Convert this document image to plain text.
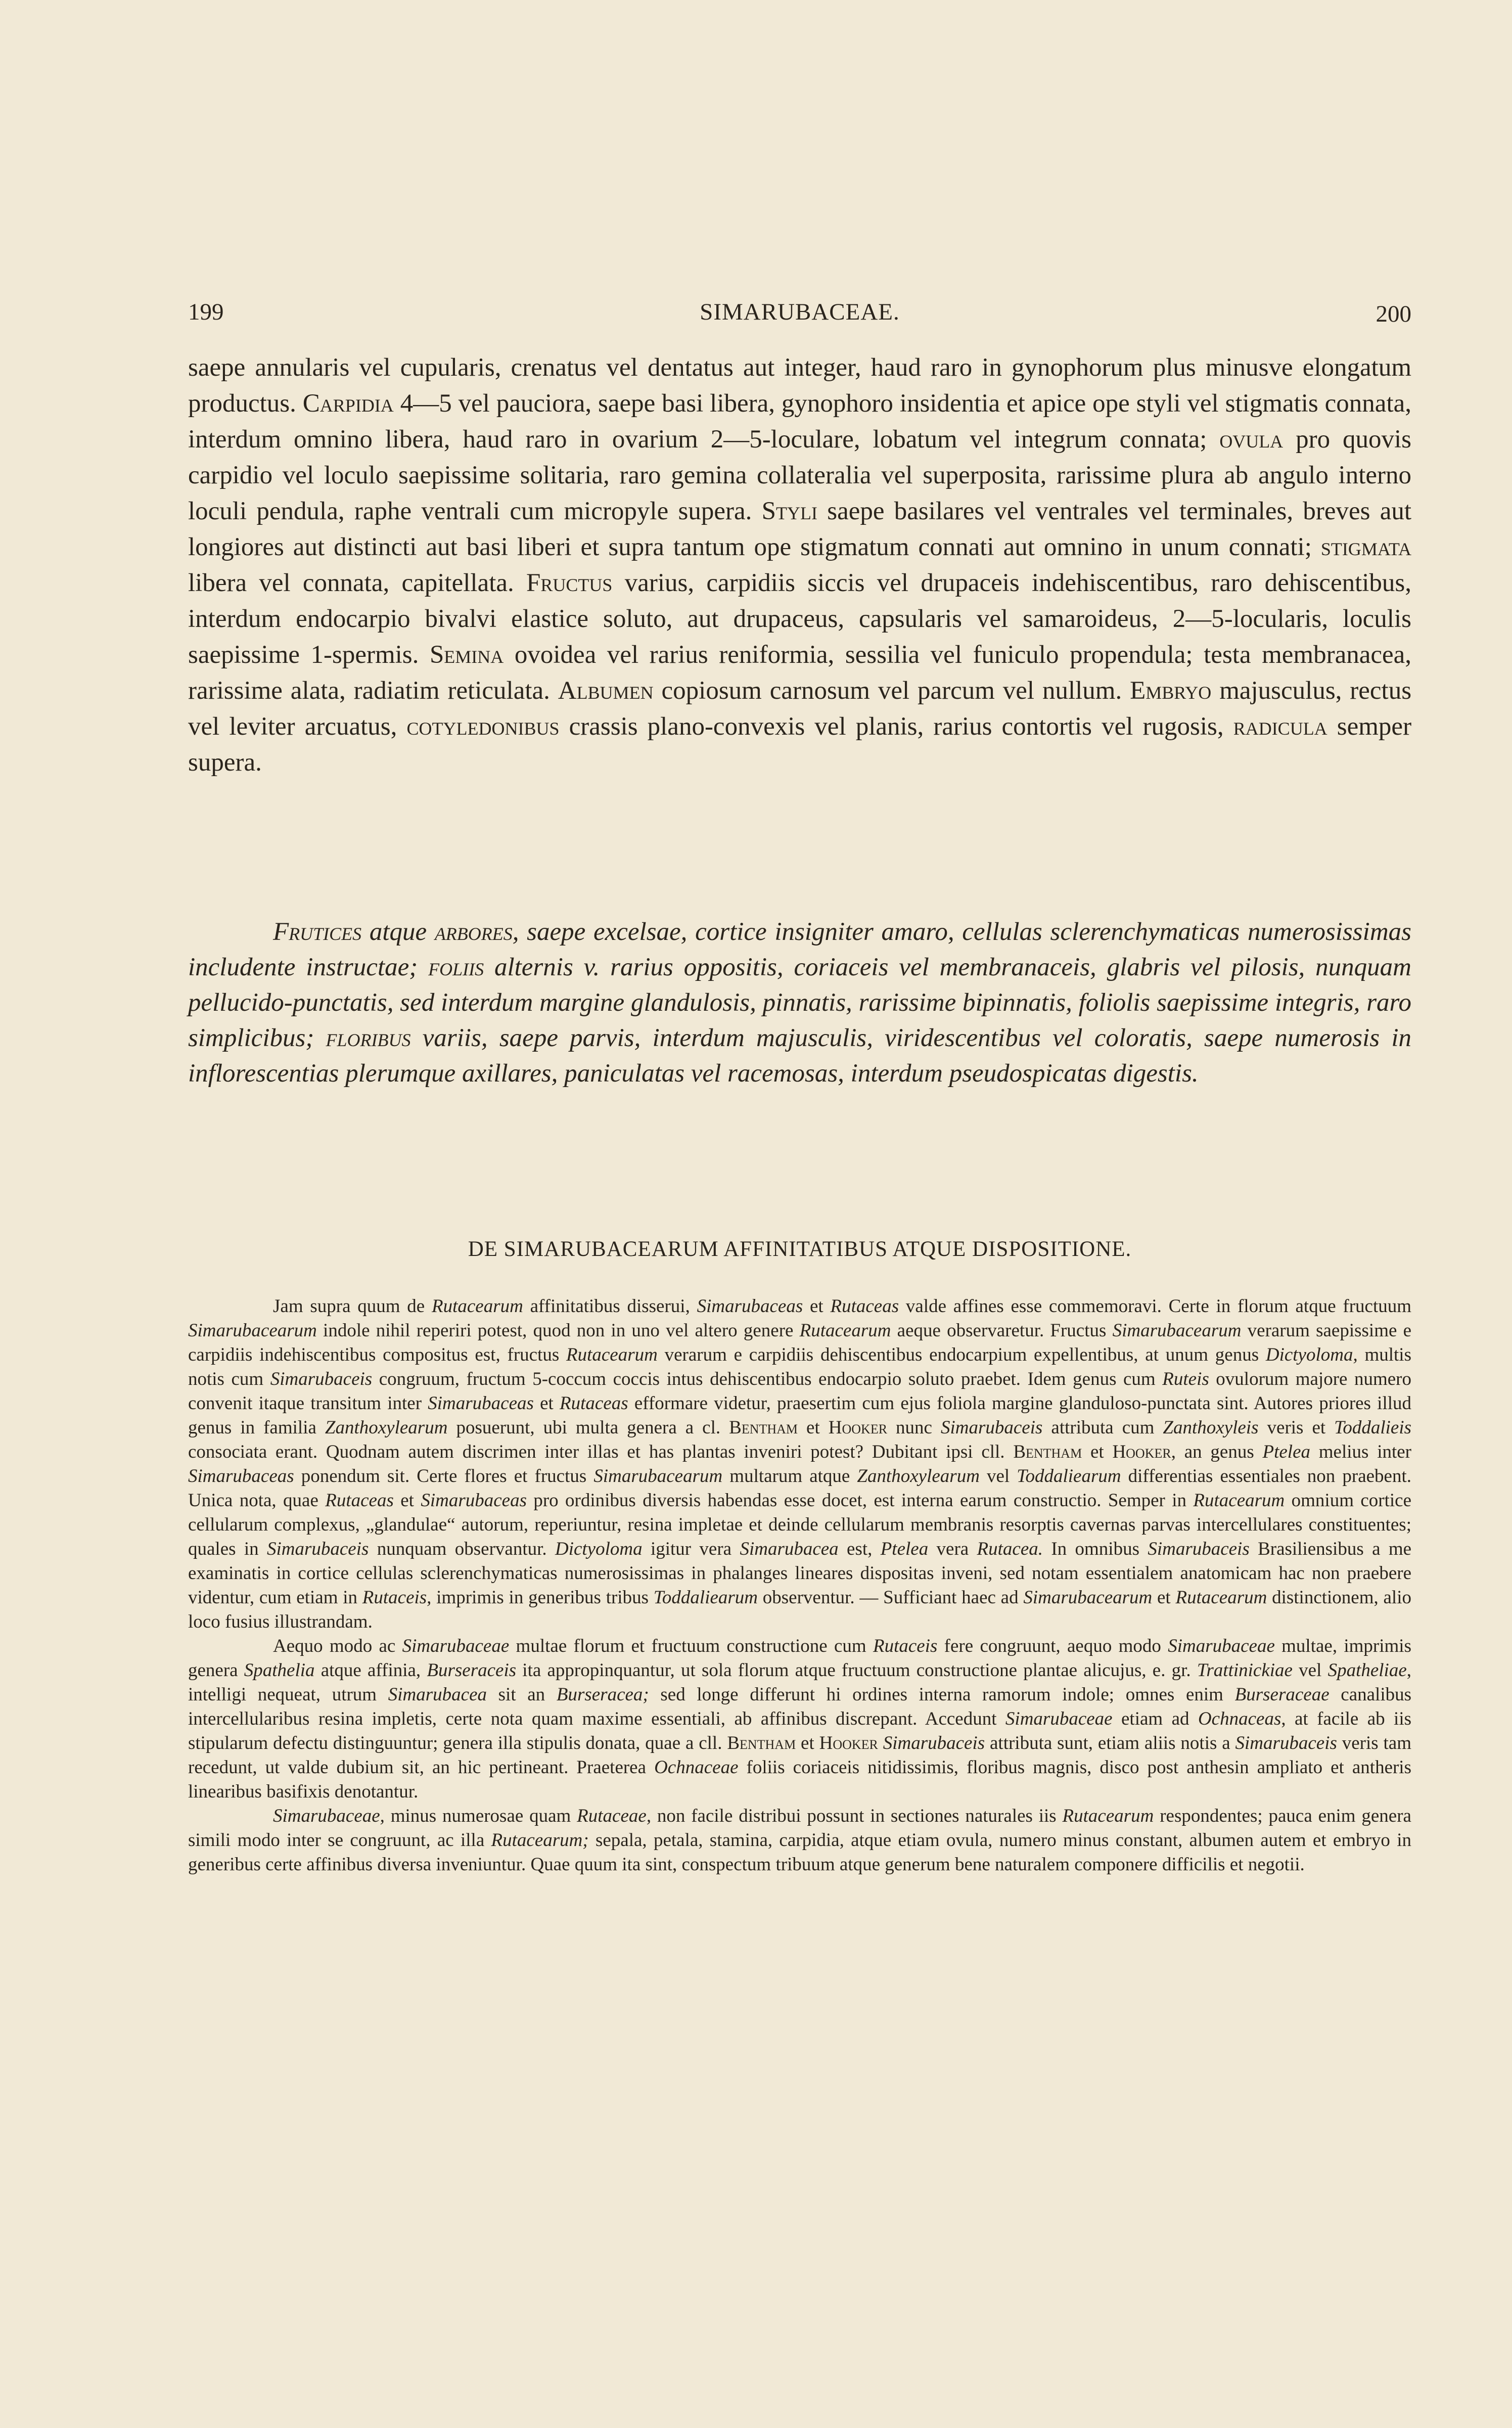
199	SIMARUBACEAE.	200

saepe annularis vel cupularis, crenatus vel dentatus aut integer, haud raro in gynophorum plus minusve elongatum productus. Carpidia 4—5 vel pauciora, saepe basi libera, gynophoro insidentia et apice ope styli vel stigmatis connata, interdum omnino libera, haud raro in ovarium 2—5-loculare, lobatum vel integrum connata; ovula pro quovis carpidio vel loculo saepissime solitaria, raro gemina collateralia vel superposita, rarissime plura ab angulo interno loculi pendula, raphe ventrali cum micropyle supera. Styli saepe basilares vel ventrales vel terminales, breves aut longiores aut distincti aut basi liberi et supra tantum ope stigmatum connati aut omnino in unum connati; stigmata libera vel connata, capitellata. Fructus varius, carpidiis siccis vel drupaceis indehiscentibus, raro dehiscentibus, interdum endocarpio bivalvi elastice soluto, aut drupaceus, capsularis vel samaroideus, 2—5-locularis, loculis saepissime 1-spermis. Semina ovoidea vel rarius reniformia, sessilia vel funiculo propendula; testa membranacea, rarissime alata, radiatim reticulata. Albumen copiosum carnosum vel parcum vel nullum. Embryo majusculus, rectus vel leviter arcuatus, cotyledonibus crassis plano-convexis vel planis, rarius contortis vel rugosis, radicula semper supera.

Frutices atque arbores, saepe excelsae, cortice insigniter amaro, cellulas sclerenchymaticas numerosissimas includente instructae; foliis alternis v. rarius oppositis, coriaceis vel membranaceis, glabris vel pilosis, nunquam pellucido-punctatis, sed interdum margine glandulosis, pinnatis, rarissime bipinnatis, foliolis saepissime integris, raro simplicibus; floribus variis, saepe parvis, interdum majusculis, viridescentibus vel coloratis, saepe numerosis in inflorescentias plerumque axillares, paniculatas vel racemosas, interdum pseudospicatas digestis.

DE SIMARUBACEARUM AFFINITATIBUS ATQUE DISPOSITIONE.

Jam supra quum de Rutacearum affinitatibus disserui, Simarubaceas et Rutaceas valde affines esse commemoravi. Certe in florum atque fructuum Simarubacearum indole nihil reperiri potest, quod non in uno vel altero genere Rutacearum aeque observaretur. Fructus Simarubacearum verarum saepissime e carpidiis indehiscentibus compositus est, fructus Rutacearum verarum e carpidiis dehiscentibus endocarpium expellentibus, at unum genus Dictyoloma, multis notis cum Simarubaceis congruum, fructum 5-coccum coccis intus dehiscentibus endocarpio soluto praebet. Idem genus cum Ruteis ovulorum majore numero convenit itaque transitum inter Simarubaceas et Rutaceas efformare videtur, praesertim cum ejus foliola margine glanduloso-punctata sint. Autores priores illud genus in familia Zanthoxylearum posuerunt, ubi multa genera a cl. Bentham et Hooker nunc Simarubaceis attributa cum Zanthoxyleis veris et Toddalieis consociata erant. Quodnam autem discrimen inter illas et has plantas inveniri potest? Dubitant ipsi cll. Bentham et Hooker, an genus Ptelea melius inter Simarubaceas ponendum sit. Certe flores et fructus Simarubacearum multarum atque Zanthoxylearum vel Toddaliearum differentias essentiales non praebent. Unica nota, quae Rutaceas et Simarubaceas pro ordinibus diversis habendas esse docet, est interna earum constructio. Semper in Rutacearum omnium cortice cellularum complexus, „glandulae“ autorum, reperiuntur, resina impletae et deinde cellularum membranis resorptis cavernas parvas intercellulares constituentes; quales in Simarubaceis nunquam observantur. Dictyoloma igitur vera Simarubacea est, Ptelea vera Rutacea. In omnibus Simarubaceis Brasiliensibus a me examinatis in cortice cellulas sclerenchymaticas numerosissimas in phalanges lineares dispositas inveni, sed notam essentialem anatomicam hac non praebere videntur, cum etiam in Rutaceis, imprimis in generibus tribus Toddaliearum observentur. — Sufficiant haec ad Simarubacearum et Rutacearum distinctionem, alio loco fusius illustrandam.

Aequo modo ac Simarubaceae multae florum et fructuum constructione cum Rutaceis fere congruunt, aequo modo Simarubaceae multae, imprimis genera Spathelia atque affinia, Burseraceis ita appropinquantur, ut sola florum atque fructuum constructione plantae alicujus, e. gr. Trattinickiae vel Spatheliae, intelligi nequeat, utrum Simarubacea sit an Burseracea; sed longe differunt hi ordines interna ramorum indole; omnes enim Burseraceae canalibus intercellularibus resina impletis, certe nota quam maxime essentiali, ab affinibus discrepant. Accedunt Simarubaceae etiam ad Ochnaceas, at facile ab iis stipularum defectu distinguuntur; genera illa stipulis donata, quae a cll. Bentham et Hooker Simarubaceis attributa sunt, etiam aliis notis a Simarubaceis veris tam recedunt, ut valde dubium sit, an hic pertineant. Praeterea Ochnaceae foliis coriaceis nitidissimis, floribus magnis, disco post anthesin ampliato et antheris linearibus basifixis denotantur.

Simarubaceae, minus numerosae quam Rutaceae, non facile distribui possunt in sectiones naturales iis Rutacearum respondentes; pauca enim genera simili modo inter se congruunt, ac illa Rutacearum; sepala, petala, stamina, carpidia, atque etiam ovula, numero minus constant, albumen autem et embryo in generibus certe affinibus diversa inveniuntur. Quae quum ita sint, conspectum tribuum atque generum bene naturalem componere difficilis et negotii.
